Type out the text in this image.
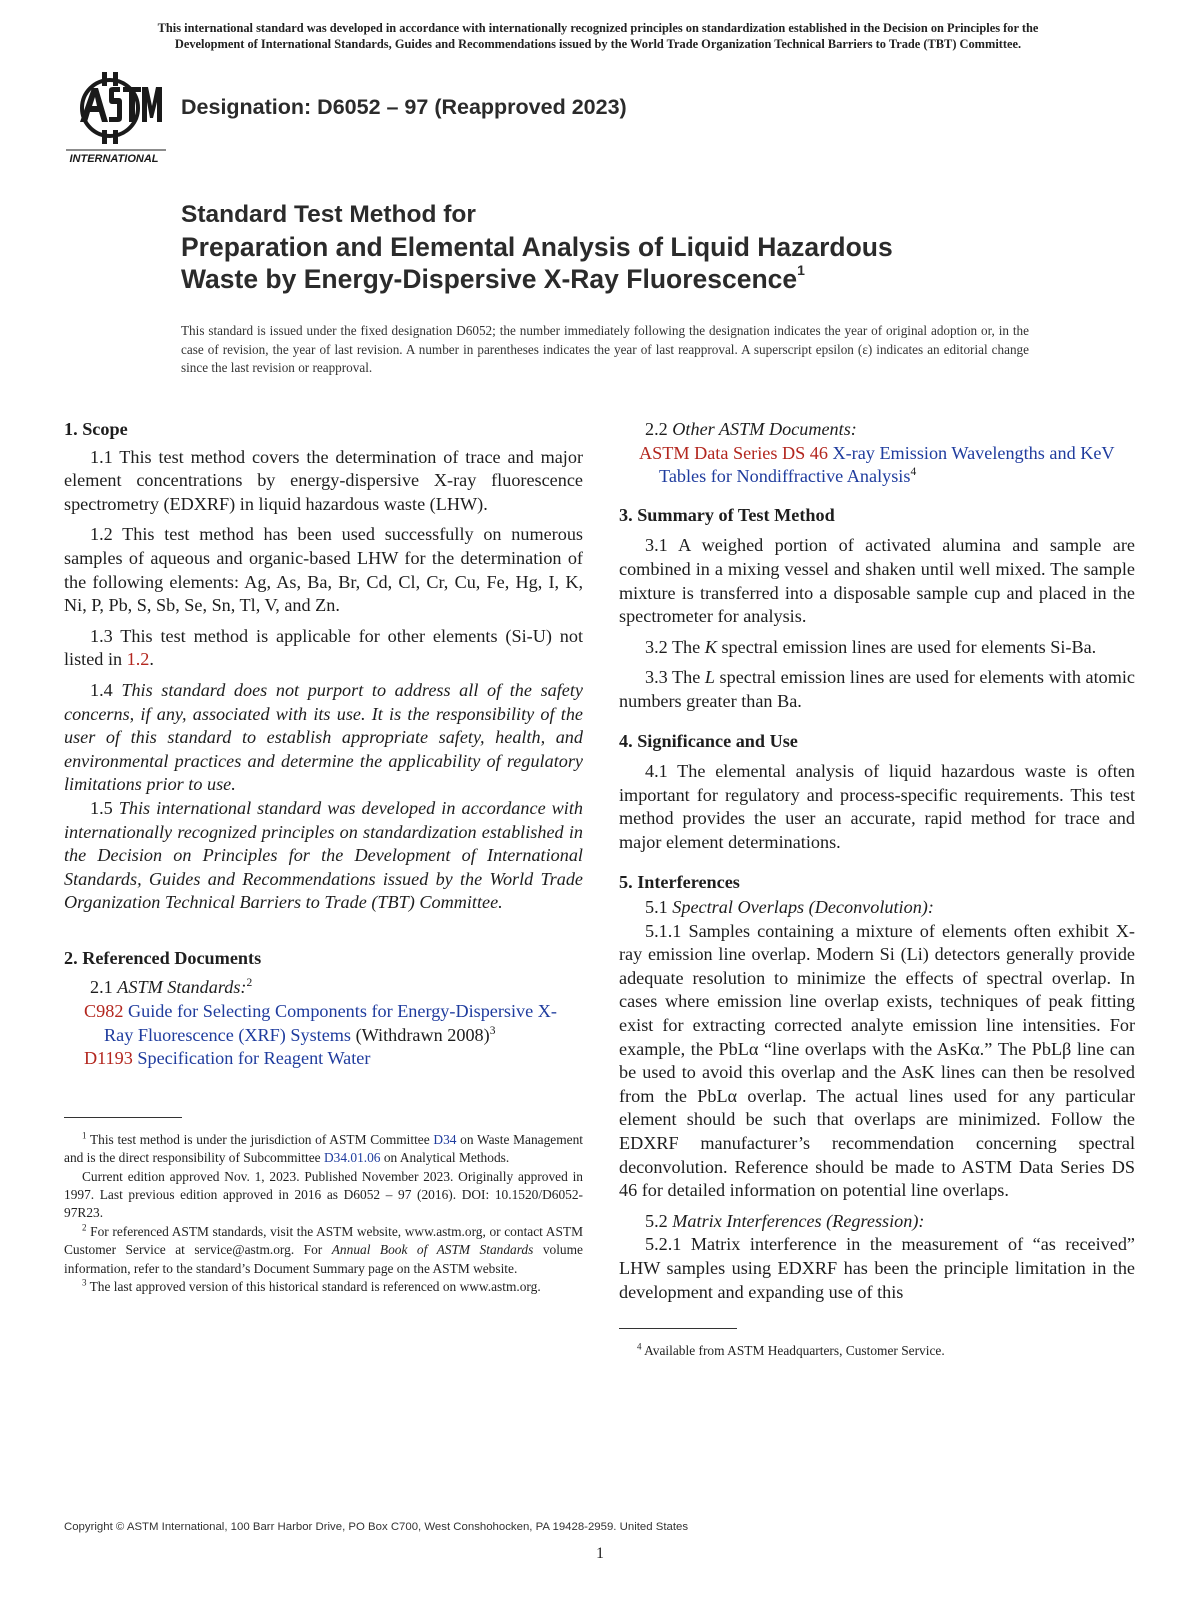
This international standard was developed in accordance with internationally recognized principles on standardization established in the Decision on Principles for the
Development of International Standards, Guides and Recommendations issued by the World Trade Organization Technical Barriers to Trade (TBT) Committee.
INTERNATIONAL
Designation: D6052 – 97 (Reapproved 2023)
Standard Test Method for
Preparation and Elemental Analysis of Liquid Hazardous
Waste by Energy-Dispersive X-Ray Fluorescence$^1$
This standard is issued under the fixed designation D6052; the number immediately following the designation indicates the year of original adoption or, in the case of revision, the year of last revision. A number in parentheses indicates the year of last reapproval. A superscript epsilon (ε) indicates an editorial change since the last revision or reapproval.

1. Scope

1.1 This test method covers the determination of trace and major element concentrations by energy-dispersive X-ray fluorescence spectrometry (EDXRF) in liquid hazardous waste (LHW).

1.2 This test method has been used successfully on numerous samples of aqueous and organic-based LHW for the determination of the following elements: Ag, As, Ba, Br, Cd, Cl, Cr, Cu, Fe, Hg, I, K, Ni, P, Pb, S, Sb, Se, Sn, Tl, V, and Zn.

1.3 This test method is applicable for other elements (Si-U) not listed in 1.2.

1.4 This standard does not purport to address all of the safety concerns, if any, associated with its use. It is the responsibility of the user of this standard to establish appropriate safety, health, and environmental practices and determine the applicability of regulatory limitations prior to use.

1.5 This international standard was developed in accordance with internationally recognized principles on standardization established in the Decision on Principles for the Development of International Standards, Guides and Recommendations issued by the World Trade Organization Technical Barriers to Trade (TBT) Committee.

2. Referenced Documents

2.1 ASTM Standards:$^2$

C982 Guide for Selecting Components for Energy-Dispersive X-Ray Fluorescence (XRF) Systems (Withdrawn 2008)$^3$

D1193 Specification for Reagent Water

$^1$ This test method is under the jurisdiction of ASTM Committee D34 on Waste Management and is the direct responsibility of Subcommittee D34.01.06 on Analytical Methods.

Current edition approved Nov. 1, 2023. Published November 2023. Originally approved in 1997. Last previous edition approved in 2016 as D6052 – 97 (2016). DOI: 10.1520/D6052-97R23.

$^2$ For referenced ASTM standards, visit the ASTM website, www.astm.org, or contact ASTM Customer Service at service@astm.org. For Annual Book of ASTM Standards volume information, refer to the standard’s Document Summary page on the ASTM website.

$^3$ The last approved version of this historical standard is referenced on www.astm.org.

2.2 Other ASTM Documents:

ASTM Data Series DS 46 X-ray Emission Wavelengths and KeV Tables for Nondiffractive Analysis$^4$

3. Summary of Test Method

3.1 A weighed portion of activated alumina and sample are combined in a mixing vessel and shaken until well mixed. The sample mixture is transferred into a disposable sample cup and placed in the spectrometer for analysis.

3.2 The K spectral emission lines are used for elements Si-Ba.

3.3 The L spectral emission lines are used for elements with atomic numbers greater than Ba.

4. Significance and Use

4.1 The elemental analysis of liquid hazardous waste is often important for regulatory and process-specific requirements. This test method provides the user an accurate, rapid method for trace and major element determinations.

5. Interferences

5.1 Spectral Overlaps (Deconvolution):

5.1.1 Samples containing a mixture of elements often exhibit X-ray emission line overlap. Modern Si (Li) detectors generally provide adequate resolution to minimize the effects of spectral overlap. In cases where emission line overlap exists, techniques of peak fitting exist for extracting corrected analyte emission line intensities. For example, the PbLα “line overlaps with the AsKα.” The PbLβ line can be used to avoid this overlap and the AsK lines can then be resolved from the PbLα overlap. The actual lines used for any particular element should be such that overlaps are minimized. Follow the EDXRF manufacturer’s recommendation concerning spectral deconvolution. Reference should be made to ASTM Data Series DS 46 for detailed information on potential line overlaps.

5.2 Matrix Interferences (Regression):

5.2.1 Matrix interference in the measurement of “as received” LHW samples using EDXRF has been the principle limitation in the development and expanding use of this

$^4$ Available from ASTM Headquarters, Customer Service.

Copyright © ASTM International, 100 Barr Harbor Drive, PO Box C700, West Conshohocken, PA 19428-2959. United States
1
